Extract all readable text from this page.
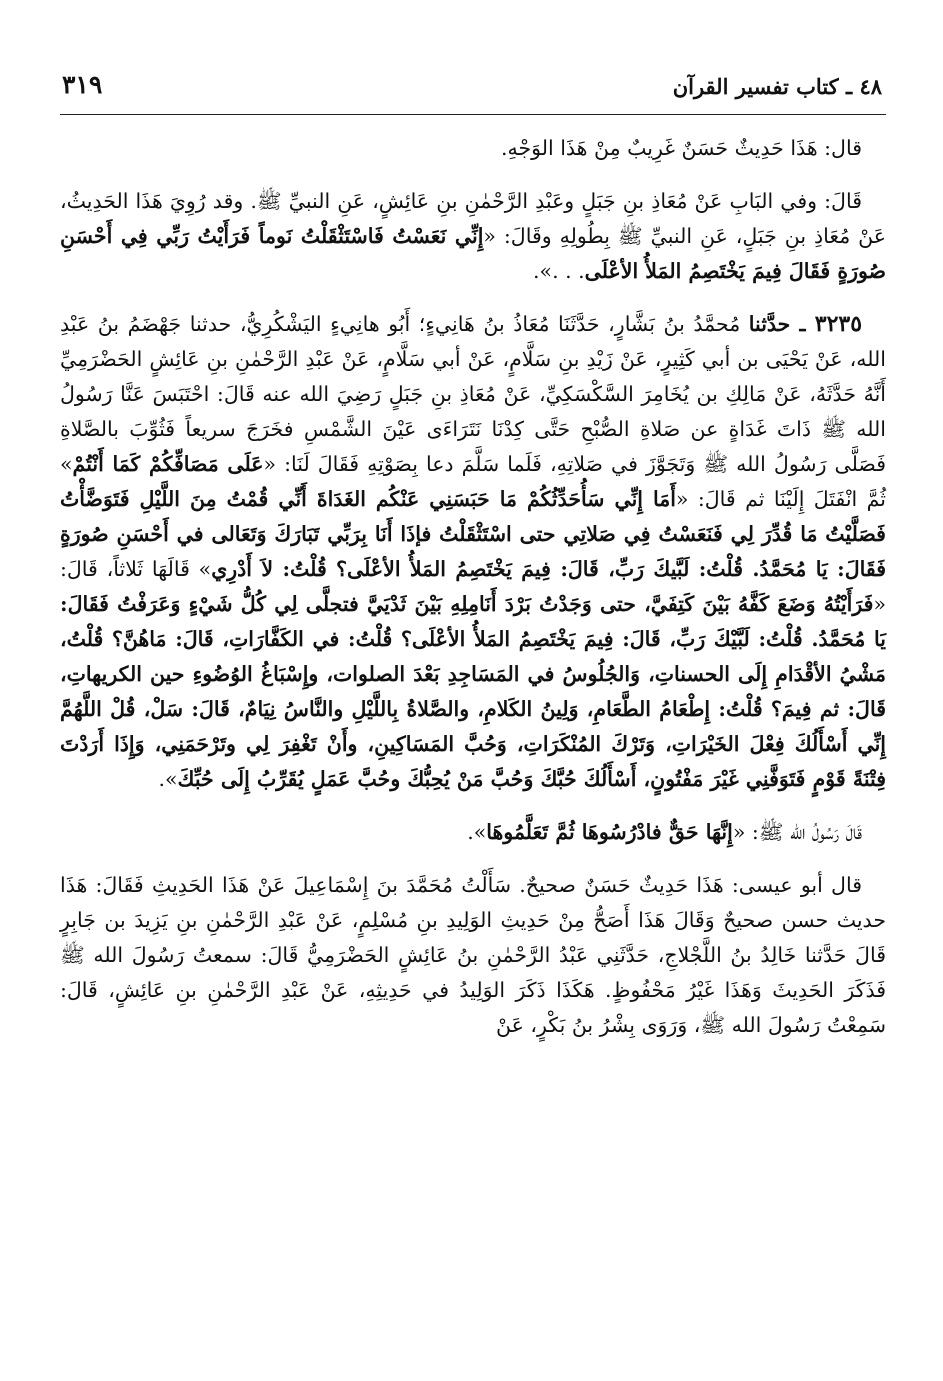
٤٨ ـ كتاب تفسير القرآن
٣١٩

قال: هَذَا حَدِيثٌ حَسَنٌ غَرِيبٌ مِنْ هَذَا الوَجْهِ.

قَالَ: وفي البَابِ عَنْ مُعَاذِ بنِ جَبَلٍ وعَبْدِ الرَّحْمٰنِ بنِ عَائِشٍ، عَنِ النبيِّ ﷺ. وقد رُوِيَ هَذَا الحَدِيثُ، عَنْ مُعَاذِ بنِ جَبَلٍ، عَنِ النبيِّ ﷺ بِطُولِهِ وقَالَ: «إِنِّي نَعَسْتُ فَاسْتَثْقَلْتُ نَوماً فَرَأَيْتُ رَبِّي فِي أَحْسَنِ صُورَةٍ فَقَالَ فِيمَ يَخْتَصِمُ المَلأُ الأعْلَى. . .».

٣٢٣٥ ـ حدَّثنا مُحمَّدُ بنُ بَشَّارٍ، حَدَّثَنَا مُعَاذُ بنُ هَانِيءٍ؛ أَبُو هانِيءٍ اليَشْكُرِيُّ، حدثنا جَهْضَمُ بنُ عَبْدِ الله، عَنْ يَحْيَى بن أبي كَثِيرٍ، عَنْ زَيْدِ بنِ سَلَّامٍ، عَنْ أبي سَلَّامٍ، عَنْ عَبْدِ الرَّحْمٰنِ بنِ عَائِشٍ الحَضْرَمِيِّ أَنَّهُ حَدَّثَهُ، عَنْ مَالِكِ بن يُخَامِرَ السَّكْسَكِيِّ، عَنْ مُعَاذِ بنِ جَبَلٍ رَضِيَ الله عنه قَالَ: احْتَبَسَ عَنَّا رَسُولُ الله ﷺ ذَاتَ غَدَاةٍ عن صَلاةِ الصُّبْحِ حَتَّى كِدْنَا نَتَرَاءَى عَيْنَ الشَّمْسِ فخَرَجَ سريعاً فَثُوِّبَ بالصَّلاةِ فَصَلَّى رَسُولُ الله ﷺ وَتَجَوَّزَ في صَلاتِهِ، فَلَما سَلَّمَ دعا بِصَوْتِهِ فَقَالَ لَنَا: «عَلَى مَصَافِّكُمْ كَمَا أَنْتُمْ» ثُمَّ انْفَتَلَ إِلَيْنَا ثم قَالَ: «أَمَا إِنِّي سَأُحَدِّثُكُمْ مَا حَبَسَنِي عَنْكُم الغَدَاةَ أَنِّي قُمْتُ مِنَ اللَّيْلِ فَتَوَضَّأْتُ فَصَلَّيْتُ مَا قُدِّرَ لِي فَنَعَسْتُ فِي صَلاتِي حتى اسْتَثْقَلْتُ فإذَا أَنَا بِرَبِّي تَبَارَكَ وَتَعَالى في أَحْسَنِ صُورَةٍ فَقَالَ: يَا مُحَمَّدُ. قُلْتُ: لَبَّيكَ رَبِّ، قَالَ: فِيمَ يَخْتَصِمُ المَلأُ الأعْلَى؟ قُلْتُ: لاَ أَدْرِي» قَالَهَا ثَلاثاً، قَالَ: «فَرَأَيْتُهُ وَضَعَ كَفَّهُ بَيْنَ كَتِفَيَّ، حتى وَجَدْتُ بَرْدَ أَنَامِلِهِ بَيْنَ ثَدْيَيَّ فتجلَّى لِي كُلُّ شَيْءٍ وَعَرَفْتُ فَقَالَ: يَا مُحَمَّدُ. قُلْتُ: لَبَّيْكَ رَبِّ، قَالَ: فِيمَ يَخْتَصِمُ المَلأُ الأعْلَى؟ قُلْتُ: في الكَفَّارَاتِ، قَالَ: مَاهُنَّ؟ قُلْتُ، مَشْيُ الأقْدَامِ إِلَى الحسناتِ، وَالجُلُوسُ في المَسَاجِدِ بَعْدَ الصلوات، وإِسْبَاغُ الوُضُوءِ حين الكريهاتِ، قَالَ: ثم فِيمَ؟ قُلْتُ: إِطْعَامُ الطَّعَامِ، وَلِينُ الكَلامِ، والصَّلاةُ بِاللَّيْلِ والنَّاسُ نِيَامٌ، قَالَ: سَلْ، قُلْ اللَّهُمَّ إِنِّي أَسْأَلُكَ فِعْلَ الخَيْرَاتِ، وَتَرْكَ المُنْكَرَاتِ، وَحُبَّ المَسَاكِينِ، وأَنْ تَغْفِرَ لِي وتَرْحَمَنِي، وَإِذَا أَرَدْتَ فِتْنَةً قَوْمٍ فَتَوَفَّنِي غَيْرَ مَفْتُونٍ، أَسْأَلُكَ حُبَّكَ وَحُبَّ مَنْ يُحِبُّكَ وحُبَّ عَمَلٍ يُقَرِّبُ إِلَى حُبِّكَ».

قَالَ رَسُولُ الله ﷺ: «إِنَّهَا حَقٌّ فادْرُسُوهَا ثُمَّ تَعَلَّمُوهَا».

قال أبو عيسى: هَذَا حَدِيثٌ حَسَنٌ صحيحٌ. سَأَلْتُ مُحَمَّدَ بنَ إِسْمَاعِيلَ عَنْ هَذَا الحَدِيثِ فَقَالَ: هَذَا حديث حسن صحيحٌ وَقَالَ هَذَا أَصَحُّ مِنْ حَدِيثِ الوَلِيدِ بنِ مُسْلِمٍ، عَنْ عَبْدِ الرَّحْمٰنِ بنِ يَزِيدَ بن جَابِرٍ قَالَ حَدَّثنا خَالِدُ بنُ اللَّجْلاجِ، حَدَّثَنِي عَبْدُ الرَّحْمٰنِ بنُ عَائِشٍ الحَضْرَمِيُّ قَالَ: سمعتُ رَسُولَ الله ﷺ فَذَكَرَ الحَدِيثَ وَهَذَا غَيْرُ مَحْفُوظٍ. هَكَذَا ذَكَرَ الوَلِيدُ في حَدِيثِهِ، عَنْ عَبْدِ الرَّحْمٰنِ بنِ عَائِشٍ، قَالَ: سَمِعْتُ رَسُولَ الله ﷺ، وَرَوَى بِشْرُ بنُ بَكْرٍ، عَنْ
